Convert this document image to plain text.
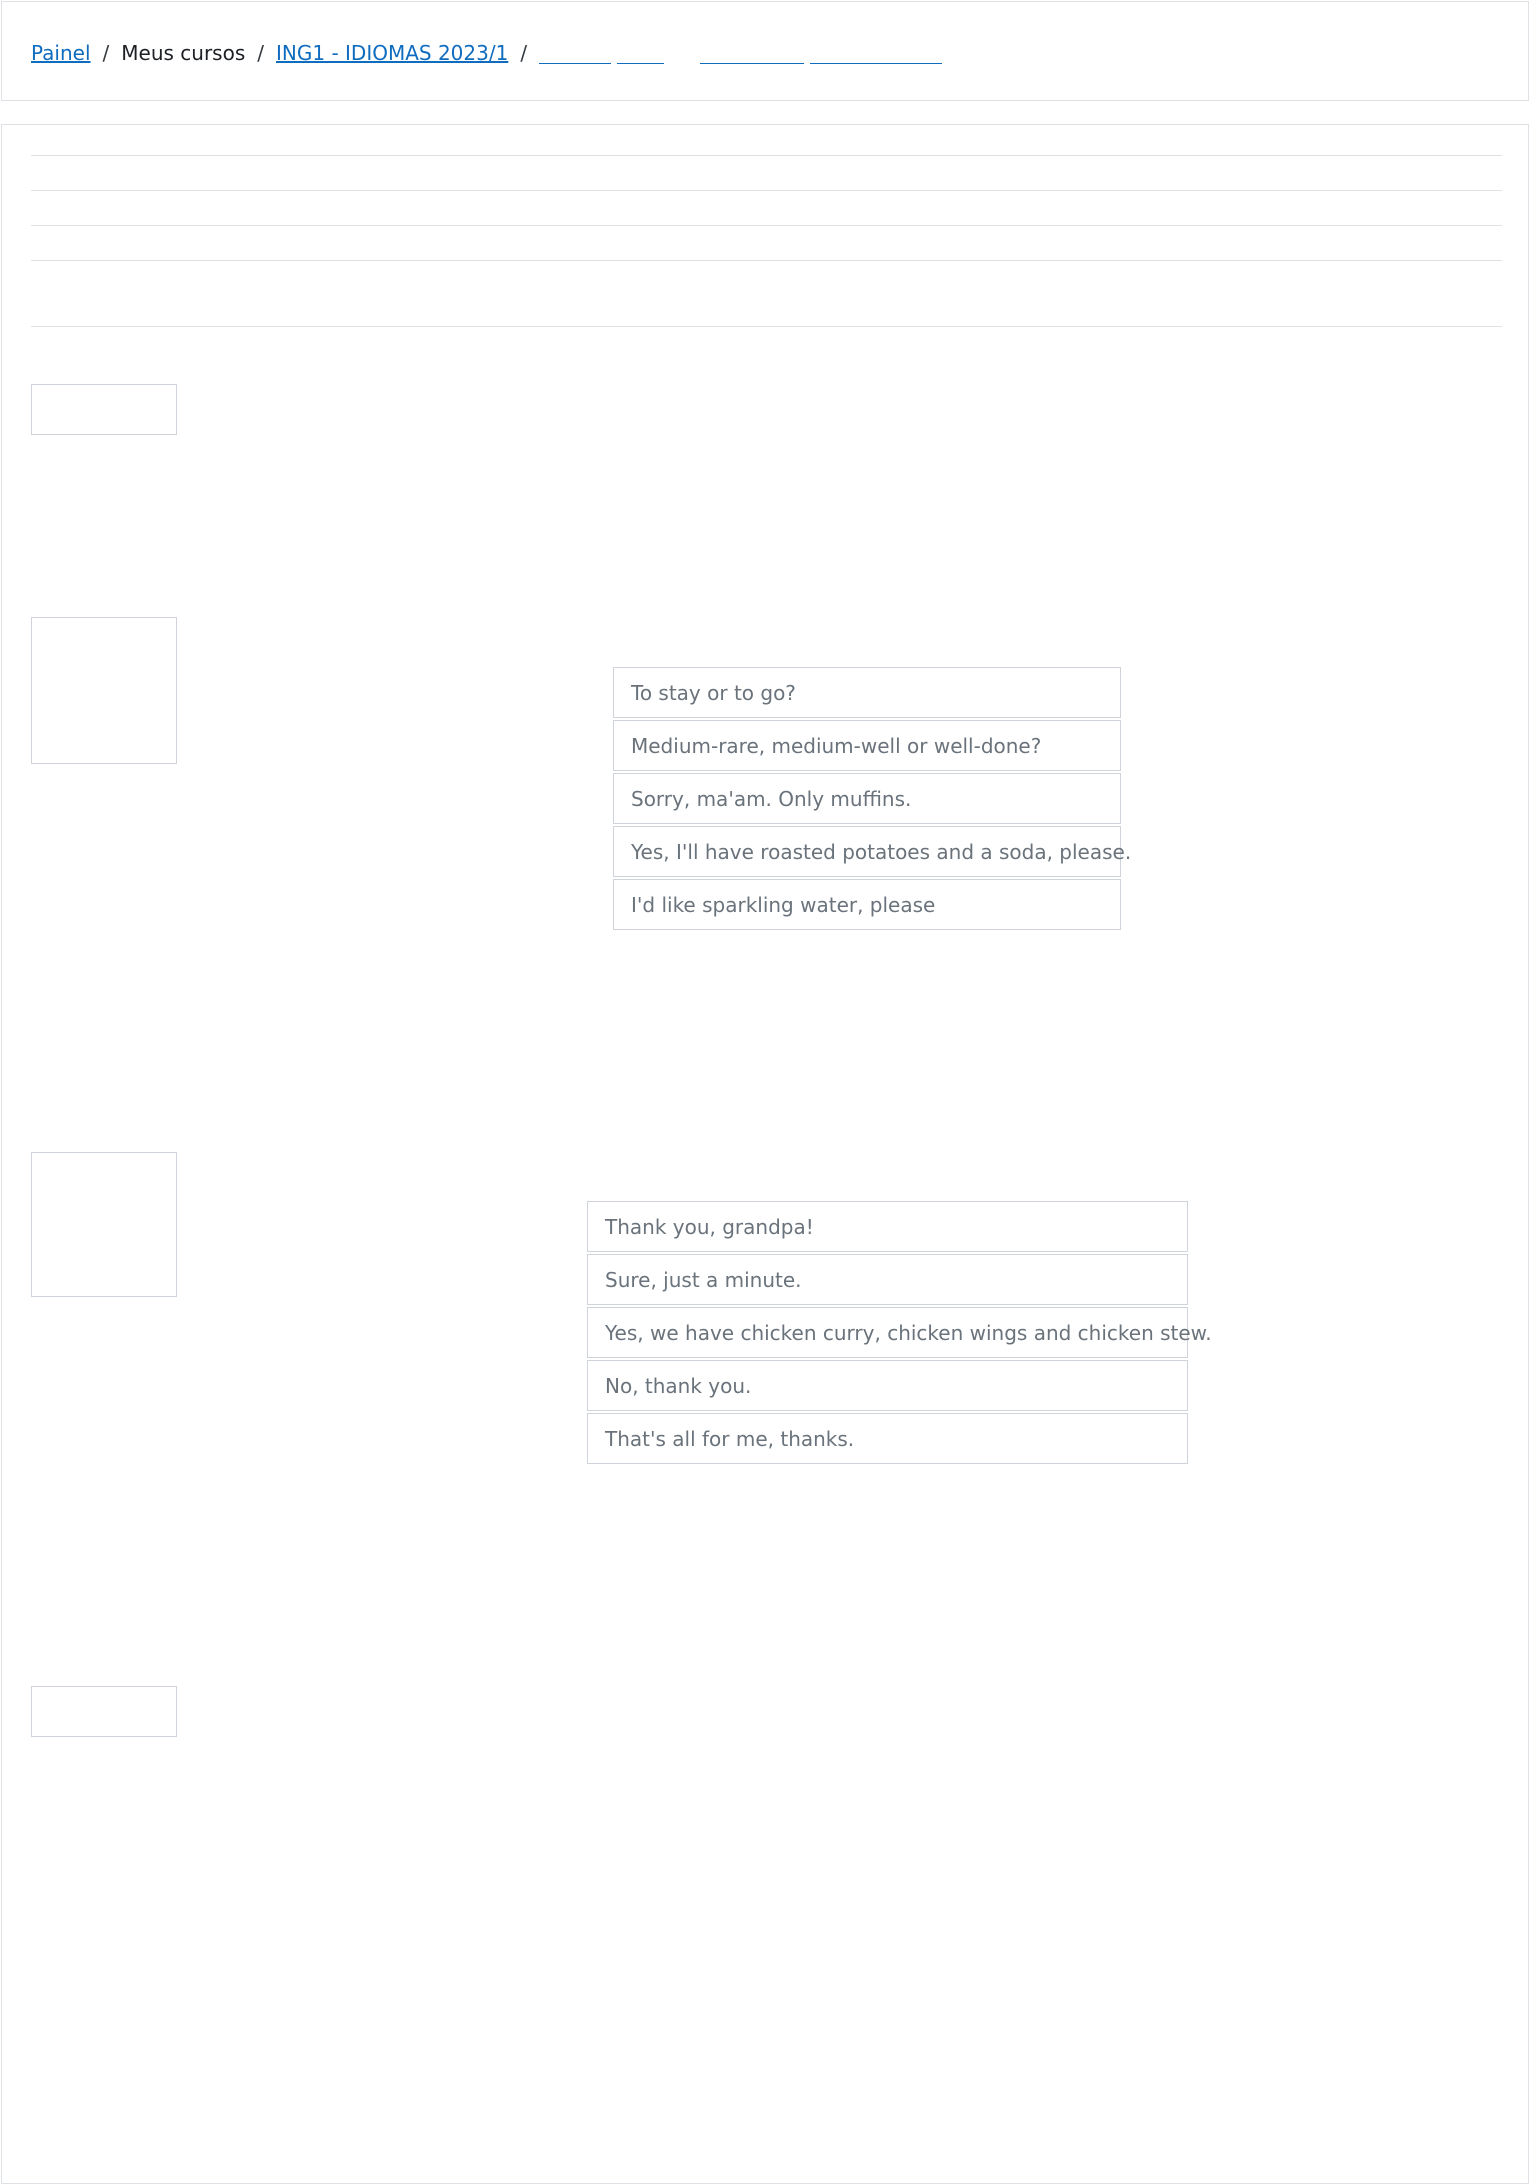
Painel / Meus cursos / ING1 - IDIOMAS 2023/1 /
To stay or to go?
Medium-rare, medium-well or well-done?
Sorry, ma'am. Only muffins.
Yes, I'll have roasted potatoes and a soda, please.
I'd like sparkling water, please
Thank you, grandpa!
Sure, just a minute.
Yes, we have chicken curry, chicken wings and chicken stew.
No, thank you.
That's all for me, thanks.
